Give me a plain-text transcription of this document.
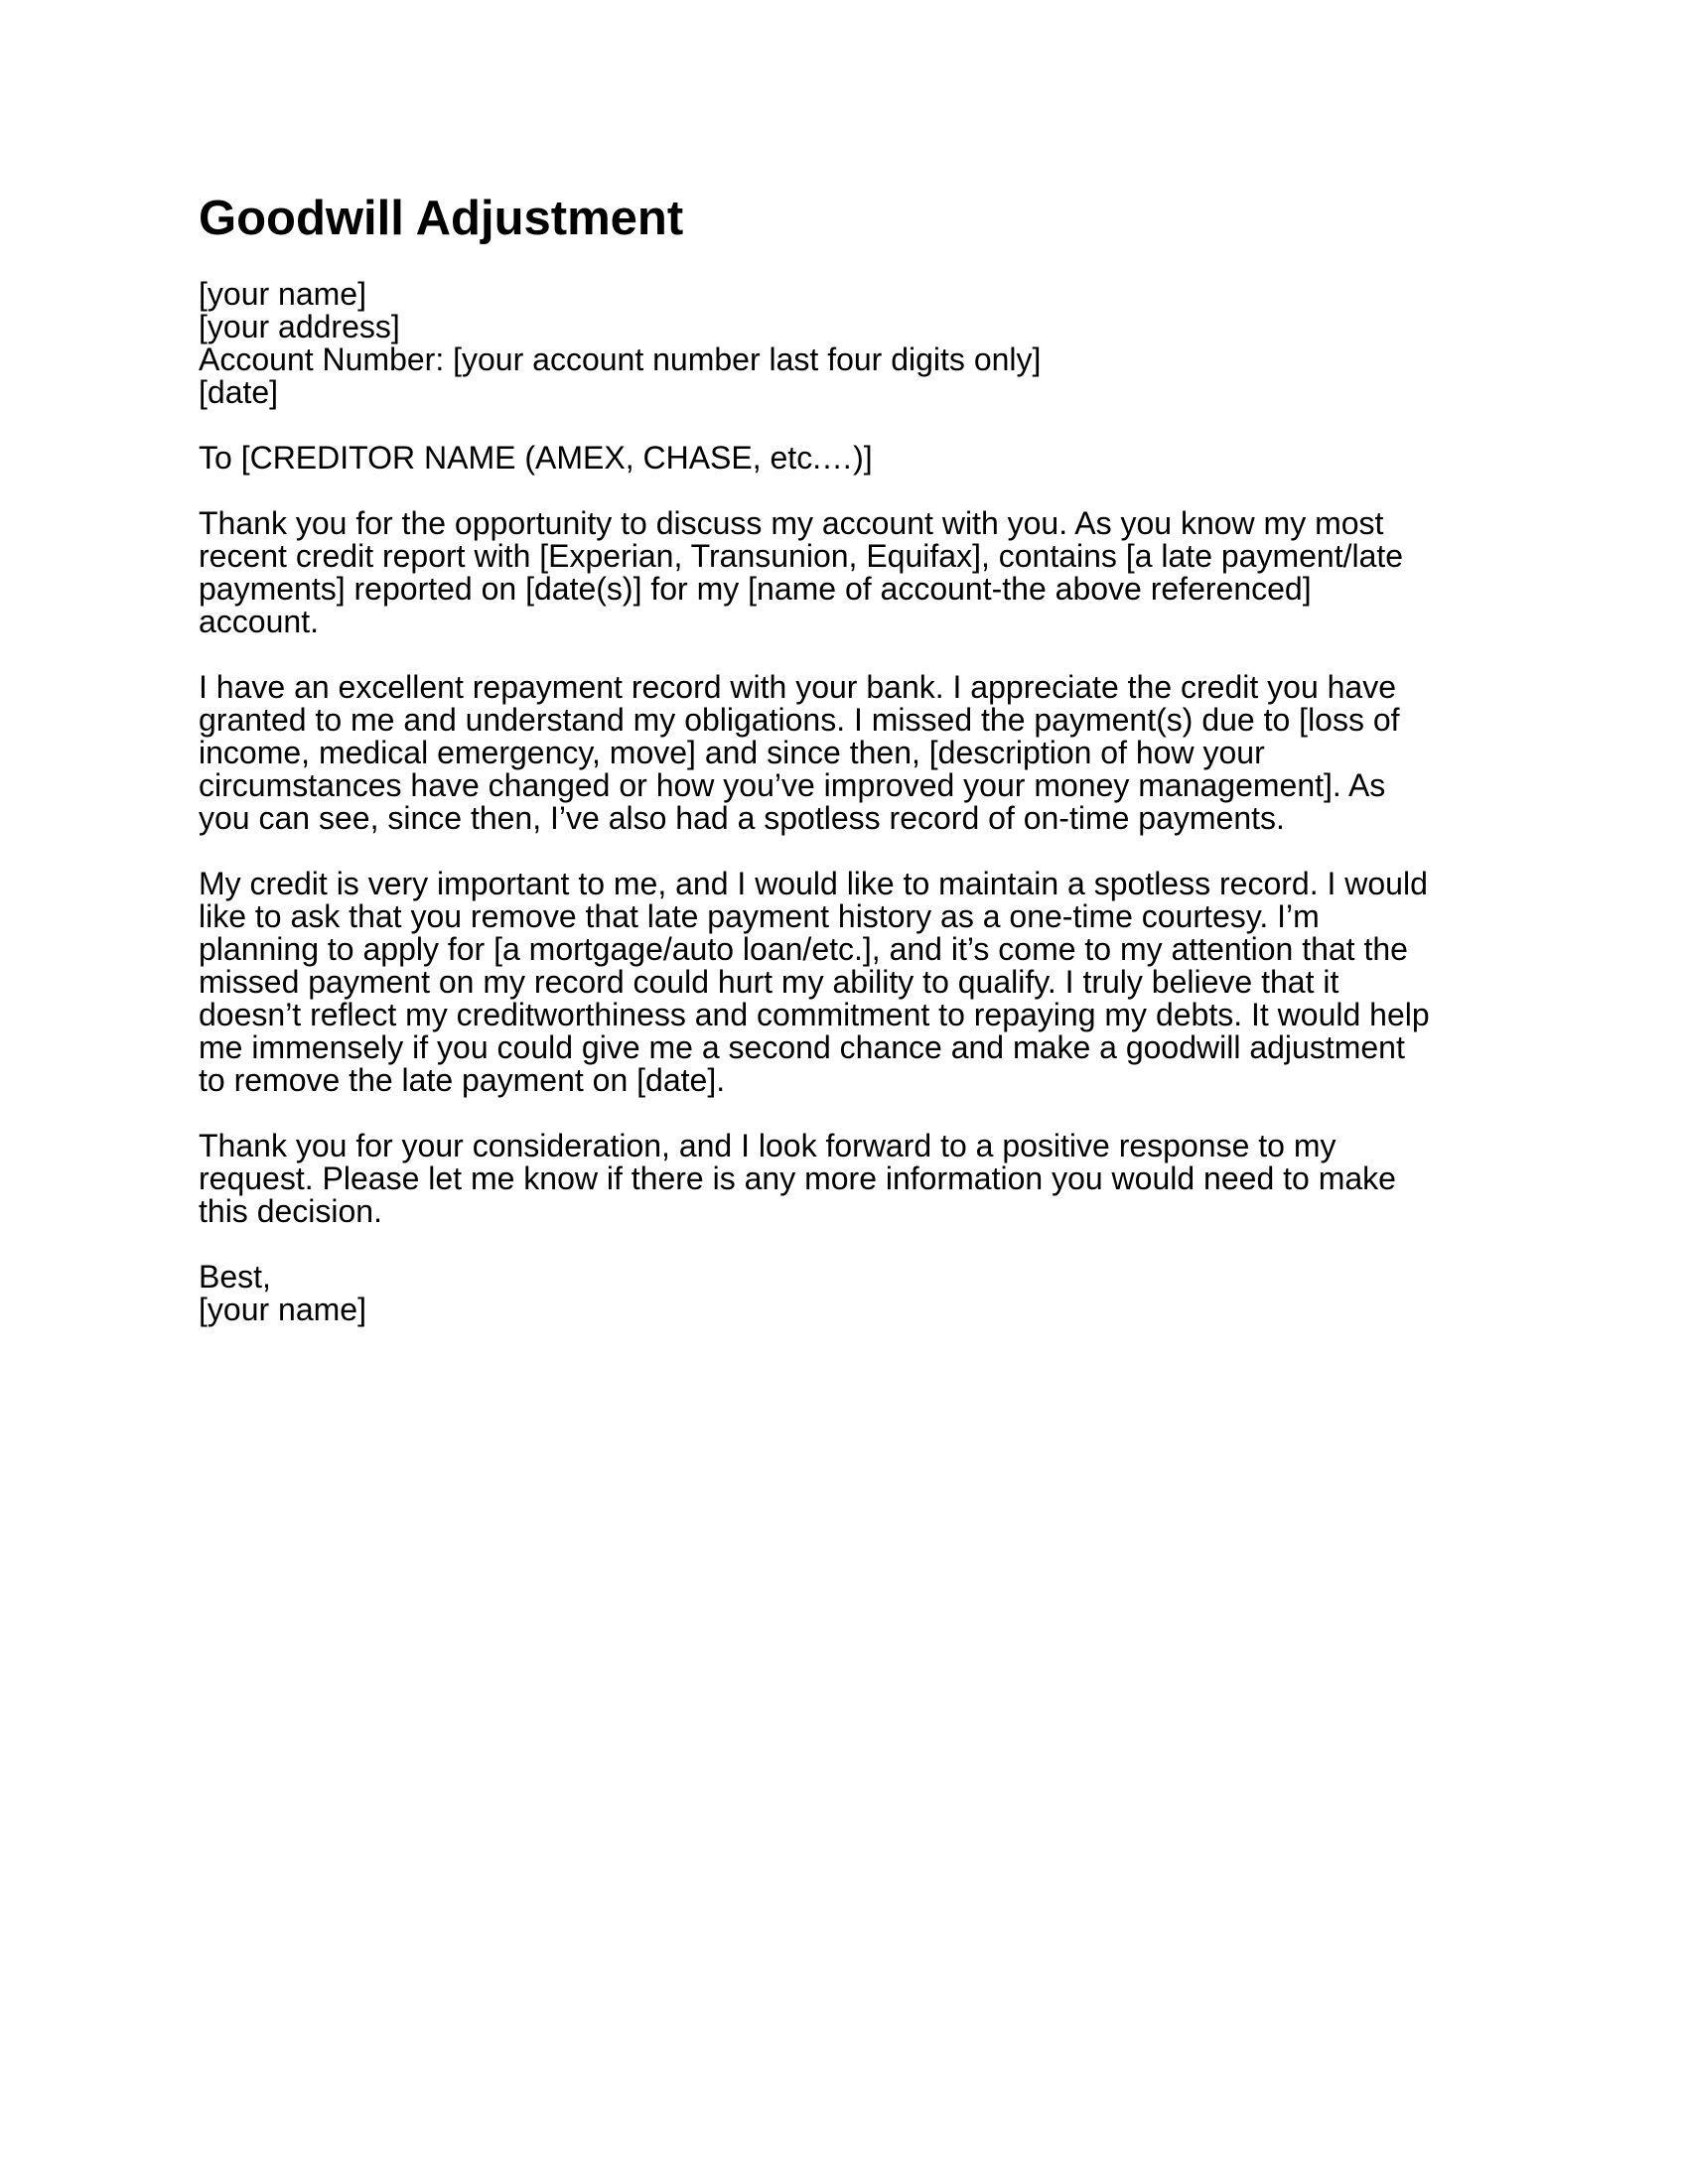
Goodwill Adjustment
[your name]
[your address]
Account Number: [your account number last four digits only]
[date]
To [CREDITOR NAME (AMEX, CHASE, etc.…)]
Thank you for the opportunity to discuss my account with you. As you know my most
recent credit report with [Experian, Transunion, Equifax], contains [a late payment/late
payments] reported on [date(s)] for my [name of account-the above referenced]
account.
I have an excellent repayment record with your bank. I appreciate the credit you have
granted to me and understand my obligations. I missed the payment(s) due to [loss of
income, medical emergency, move] and since then, [description of how your
circumstances have changed or how you’ve improved your money management]. As
you can see, since then, I’ve also had a spotless record of on-time payments.
My credit is very important to me, and I would like to maintain a spotless record. I would
like to ask that you remove that late payment history as a one-time courtesy. I’m
planning to apply for [a mortgage/auto loan/etc.], and it’s come to my attention that the
missed payment on my record could hurt my ability to qualify. I truly believe that it
doesn’t reflect my creditworthiness and commitment to repaying my debts. It would help
me immensely if you could give me a second chance and make a goodwill adjustment
to remove the late payment on [date].
Thank you for your consideration, and I look forward to a positive response to my
request. Please let me know if there is any more information you would need to make
this decision.
Best,
[your name]
